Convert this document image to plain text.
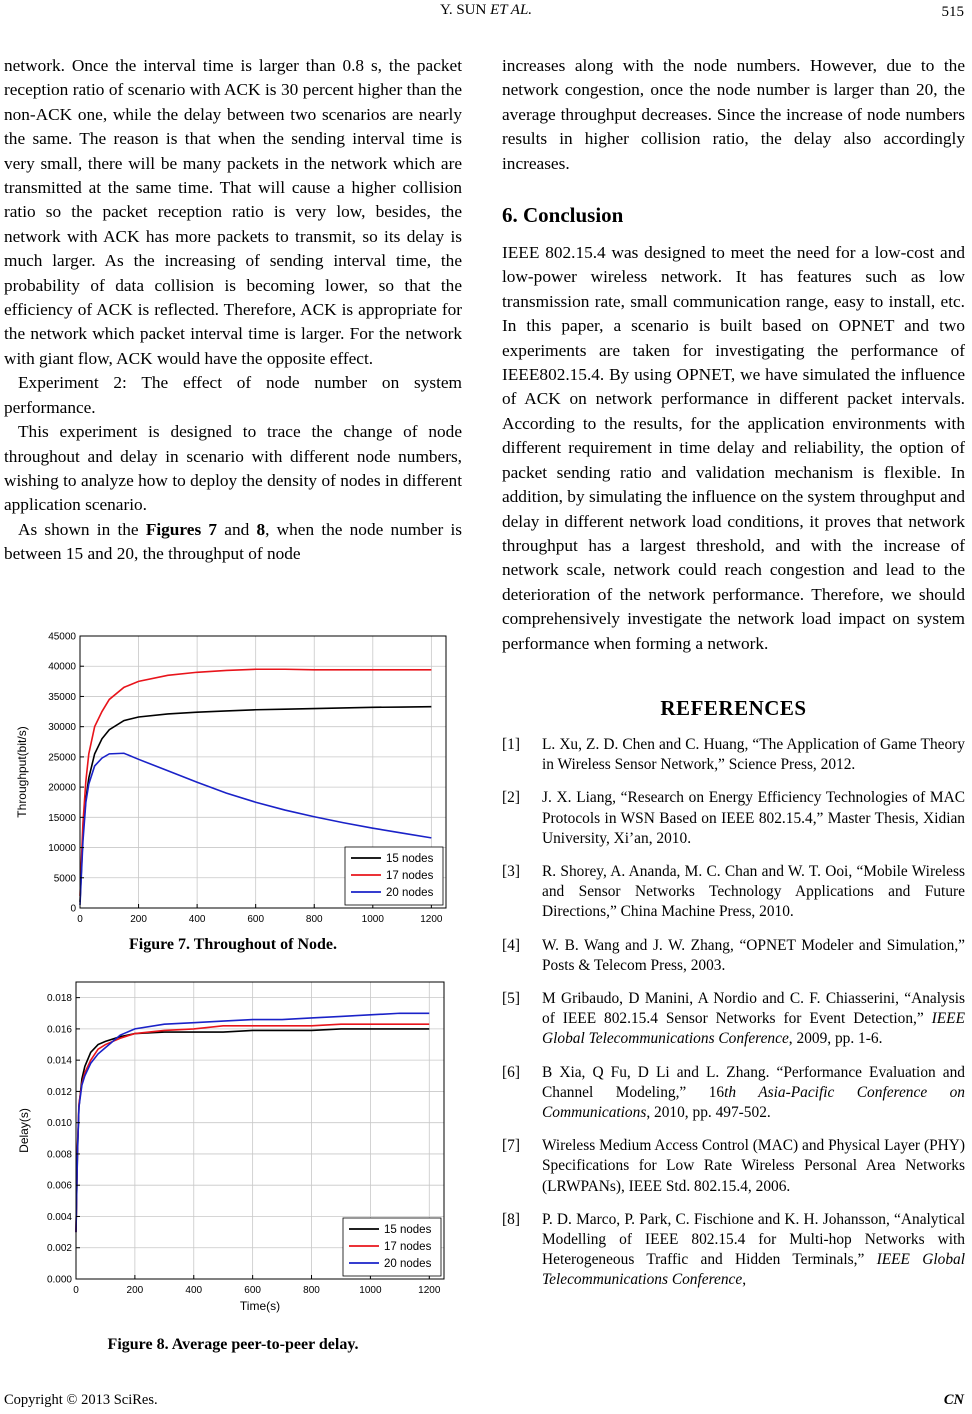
Y. SUN ET AL.	515

network. Once the interval time is larger than 0.8 s, the packet reception ratio of scenario with ACK is 30 percent higher than the non-ACK one, while the delay between two scenarios are nearly the same. The reason is that when the sending interval time is very small, there will be many packets in the network which are transmitted at the same time. That will cause a higher collision ratio so the packet reception ratio is very low, besides, the network with ACK has more packets to transmit, so its delay is much larger. As the increasing of sending interval time, the probability of data collision is becoming lower, so that the efficiency of ACK is reflected. Therefore, ACK is appropriate for the network which packet interval time is larger. For the network with giant flow, ACK would have the opposite effect.

Experiment 2: The effect of node number on system performance.

This experiment is designed to trace the change of node throughout and delay in scenario with different node numbers, wishing to analyze how to deploy the density of nodes in different application scenario.

As shown in the Figures 7 and 8, when the node number is between 15 and 20, the throughput of node

0
5000
10000
15000
20000
25000
30000
35000
40000
45000
0	200	400	600	800	1000	1200
Throughput(bit/s)
15 nodes
17 nodes
20 nodes
Figure 7. Throughout of Node.
0.000
0.002
0.004
0.006
0.008
0.010
0.012
0.014
0.016
0.018
0	200	400	600	800	1000	1200
Time(s)
Delay(s)
15 nodes
17 nodes
20 nodes
Figure 8. Average peer-to-peer delay.

increases along with the node numbers. However, due to the network congestion, once the node number is larger than 20, the average throughput decreases. Since the increase of node numbers results in higher collision ratio, the delay also accordingly increases.

6. Conclusion

IEEE 802.15.4 was designed to meet the need for a low-cost and low-power wireless network. It has features such as low transmission rate, small communication range, easy to install, etc. In this paper, a scenario is built based on OPNET and two experiments are taken for investigating the performance of IEEE802.15.4. By using OPNET, we have simulated the influence of ACK on network performance in different packet intervals. According to the results, for the application environments with different requirement in time delay and reliability, the option of packet sending ratio and validation mechanism is flexible. In addition, by simulating the influence on the system throughput and delay in different network load conditions, it proves that network throughput has a largest threshold, and with the increase of network scale, network could reach congestion and lead to the deterioration of the network performance. Therefore, we should comprehensively investigate the network load impact on system performance when forming a network.

REFERENCES
[1]	L. Xu, Z. D. Chen and C. Huang, “The Application of Game Theory in Wireless Sensor Network,” Science Press, 2012.
[2]	J. X. Liang, “Research on Energy Efficiency Technologies of MAC Protocols in WSN Based on IEEE 802.15.4,” Master Thesis, Xidian University, Xi’an, 2010.
[3]	R. Shorey, A. Ananda, M. C. Chan and W. T. Ooi, “Mobile Wireless and Sensor Networks Technology Applications and Future Directions,” China Machine Press, 2010.
[4]	W. B. Wang and J. W. Zhang, “OPNET Modeler and Simulation,” Posts & Telecom Press, 2003.
[5]	M Gribaudo, D Manini, A Nordio and C. F. Chiasserini, “Analysis of IEEE 802.15.4 Sensor Networks for Event Detection,” IEEE Global Telecommunications Conference, 2009, pp. 1-6.
[6]	B Xia, Q Fu, D Li and L. Zhang. “Performance Evaluation and Channel Modeling,” 16th Asia-Pacific Conference on Communications, 2010, pp. 497-502.
[7]	Wireless Medium Access Control (MAC) and Physical Layer (PHY) Specifications for Low Rate Wireless Personal Area Networks (LRWPANs), IEEE Std. 802.15.4, 2006.
[8]	P. D. Marco, P. Park, C. Fischione and K. H. Johansson, “Analytical Modelling of IEEE 802.15.4 for Multi-hop Networks with Heterogeneous Traffic and Hidden Terminals,” IEEE Global Telecommunications Conference,
Copyright © 2013 SciRes.	CN
